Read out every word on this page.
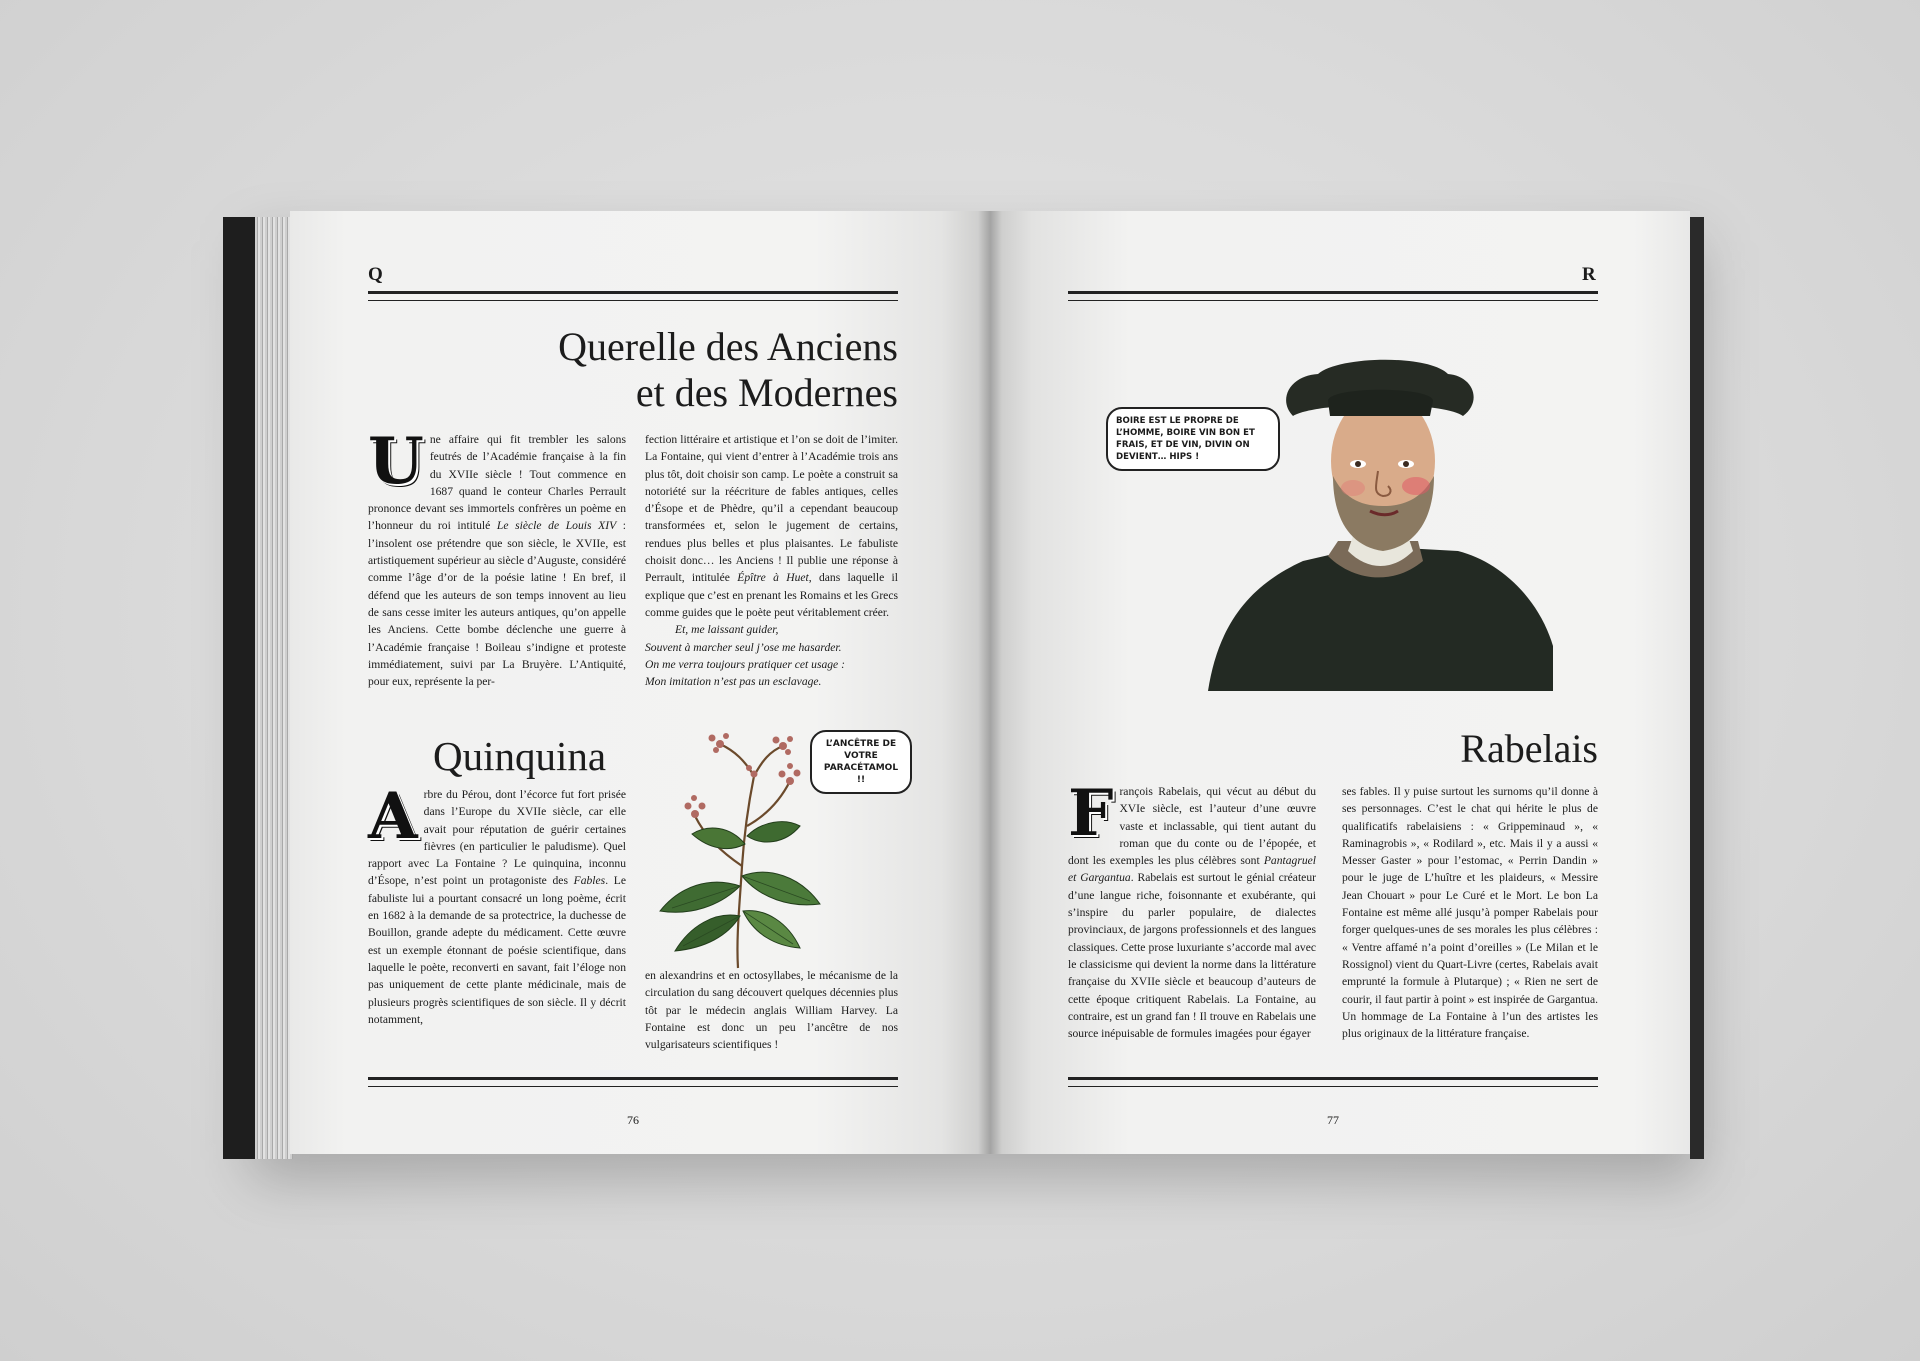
Q
Querelle des Anciens
et des Modernes

Une affaire qui fit trembler les salons feutrés de l’Académie française à la fin du XVIIe siècle ! Tout commence en 1687 quand le conteur Charles Perrault prononce devant ses immortels confrères un poème en l’honneur du roi intitulé Le siècle de Louis XIV : l’insolent ose prétendre que son siècle, le XVIIe, est artistiquement supérieur au siècle d’Auguste, considéré comme l’âge d’or de la poésie latine ! En bref, il défend que les auteurs de son temps innovent au lieu de sans cesse imiter les auteurs antiques, qu’on appelle les Anciens. Cette bombe déclenche une guerre à l’Académie française ! Boileau s’indigne et proteste immédiatement, suivi par La Bruyère. L’Antiquité, pour eux, représente la per-

fection littéraire et artistique et l’on se doit de l’imiter. La Fontaine, qui vient d’entrer à l’Académie trois ans plus tôt, doit choisir son camp. Le poète a construit sa notoriété sur la réécriture de fables antiques, celles d’Ésope et de Phèdre, qu’il a cependant beaucoup transformées et, selon le jugement de certains, rendues plus belles et plus plaisantes. Le fabuliste choisit donc… les Anciens ! Il publie une réponse à Perrault, intitulée Épître à Huet, dans laquelle il explique que c’est en prenant les Romains et les Grecs comme guides que le poète peut véritablement créer.

Et, me laissant guider,
Souvent à marcher seul j’ose me hasarder.
On me verra toujours pratiquer cet usage :
Mon imitation n’est pas un esclavage.
Quinquina

Arbre du Pérou, dont l’écorce fut fort prisée dans l’Europe du XVIIe siècle, car elle avait pour réputation de guérir certaines fièvres (en particulier le paludisme). Quel rapport avec La Fontaine ? Le quinquina, inconnu d’Ésope, n’est point un protagoniste des Fables. Le fabuliste lui a pourtant consacré un long poème, écrit en 1682 à la demande de sa protectrice, la duchesse de Bouillon, grande adepte du médicament. Cette œuvre est un exemple étonnant de poésie scientifique, dans laquelle le poète, reconverti en savant, fait l’éloge non pas uniquement de cette plante médicinale, mais de plusieurs progrès scientifiques de son siècle. Il y décrit notamment,

L’ANCÊTRE DE VOTRE PARACÉTAMOL !!

en alexandrins et en octosyllabes, le mécanisme de la circulation du sang découvert quelques décennies plus tôt par le médecin anglais William Harvey. La Fontaine est donc un peu l’ancêtre de nos vulgarisateurs scientifiques !

76
R
BOIRE EST LE PROPRE DE L’HOMME, BOIRE VIN BON ET FRAIS, ET DE VIN, DIVIN ON DEVIENT… HIPS !
Rabelais

François Rabelais, qui vécut au début du XVIe siècle, est l’auteur d’une œuvre vaste et inclassable, qui tient autant du roman que du conte ou de l’épopée, et dont les exemples les plus célèbres sont Pantagruel et Gargantua. Rabelais est surtout le génial créateur d’une langue riche, foisonnante et exubérante, qui s’inspire du parler populaire, de dialectes provinciaux, de jargons professionnels et des langues classiques. Cette prose luxuriante s’accorde mal avec le classicisme qui devient la norme dans la littérature française du XVIIe siècle et beaucoup d’auteurs de cette époque critiquent Rabelais. La Fontaine, au contraire, est un grand fan ! Il trouve en Rabelais une source inépuisable de formules imagées pour égayer

ses fables. Il y puise surtout les surnoms qu’il donne à ses personnages. C’est le chat qui hérite le plus de qualificatifs rabelaisiens : « Grippeminaud », « Raminagrobis », « Rodilard », etc. Mais il y a aussi « Messer Gaster » pour l’estomac, « Perrin Dandin » pour le juge de L’huître et les plaideurs, « Messire Jean Chouart » pour Le Curé et le Mort. Le bon La Fontaine est même allé jusqu’à pomper Rabelais pour forger quelques-unes de ses morales les plus célèbres : « Ventre affamé n’a point d’oreilles » (Le Milan et le Rossignol) vient du Quart-Livre (certes, Rabelais avait emprunté la formule à Plutarque) ; « Rien ne sert de courir, il faut partir à point » est inspirée de Gargantua. Un hommage de La Fontaine à l’un des artistes les plus originaux de la littérature française.

77
